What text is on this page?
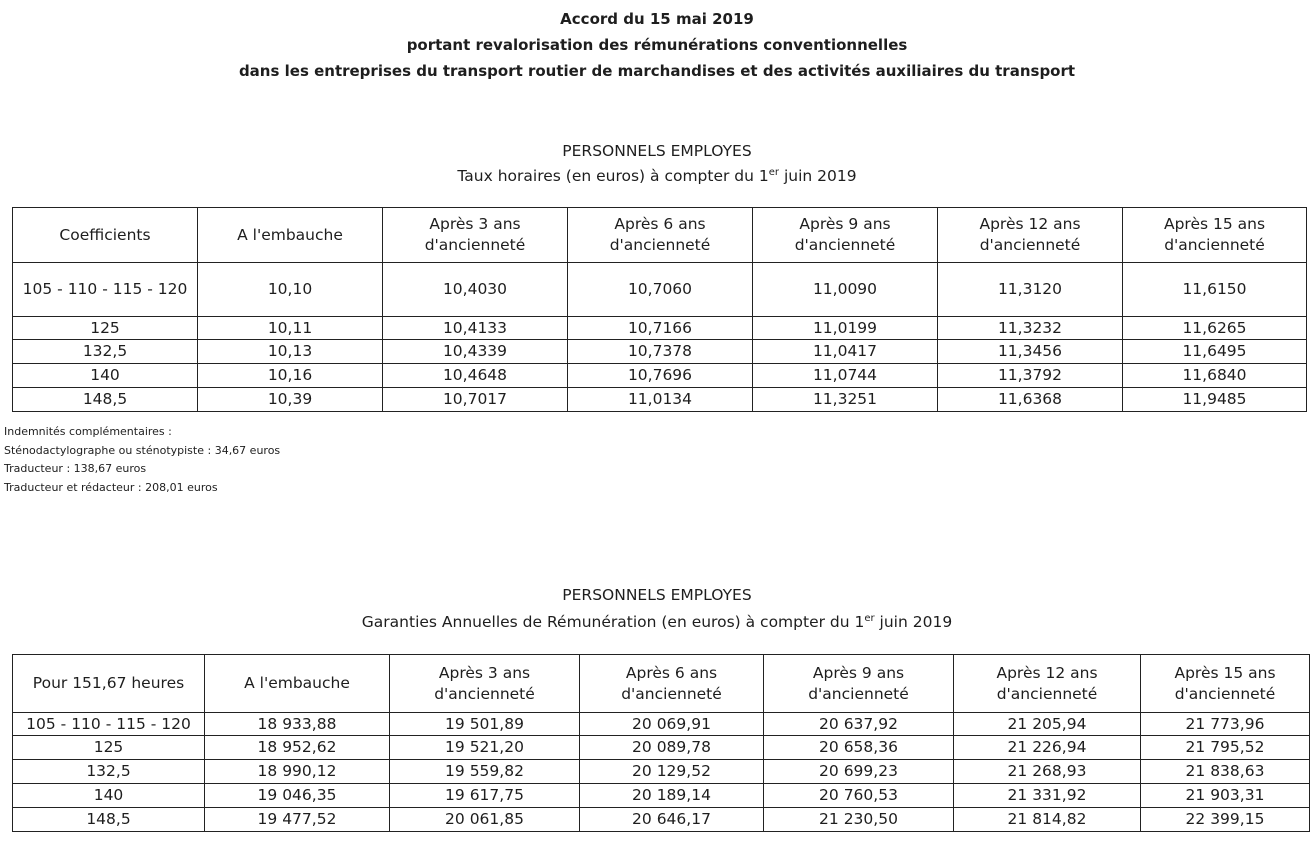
Accord du 15 mai 2019
portant revalorisation des rémunérations conventionnelles
dans les entreprises du transport routier de marchandises et des activités auxiliaires du transport
PERSONNELS EMPLOYES
Taux horaires (en euros) à compter du 1er juin 2019
Coefficients	A l'embauche	Après 3 ans d'ancienneté	Après 6 ans d'ancienneté	Après 9 ans d'ancienneté	Après 12 ans d'ancienneté	Après 15 ans d'ancienneté
105 - 110 - 115 - 120	10,10	10,4030	10,7060	11,0090	11,3120	11,6150
125	10,11	10,4133	10,7166	11,0199	11,3232	11,6265
132,5	10,13	10,4339	10,7378	11,0417	11,3456	11,6495
140	10,16	10,4648	10,7696	11,0744	11,3792	11,6840
148,5	10,39	10,7017	11,0134	11,3251	11,6368	11,9485
Indemnités complémentaires :
Sténodactylographe ou sténotypiste : 34,67 euros
Traducteur : 138,67 euros
Traducteur et rédacteur : 208,01 euros
PERSONNELS EMPLOYES
Garanties Annuelles de Rémunération (en euros) à compter du 1er juin 2019
Pour 151,67 heures	A l'embauche	Après 3 ans d'ancienneté	Après 6 ans d'ancienneté	Après 9 ans d'ancienneté	Après 12 ans d'ancienneté	Après 15 ans d'ancienneté
105 - 110 - 115 - 120	18 933,88	19 501,89	20 069,91	20 637,92	21 205,94	21 773,96
125	18 952,62	19 521,20	20 089,78	20 658,36	21 226,94	21 795,52
132,5	18 990,12	19 559,82	20 129,52	20 699,23	21 268,93	21 838,63
140	19 046,35	19 617,75	20 189,14	20 760,53	21 331,92	21 903,31
148,5	19 477,52	20 061,85	20 646,17	21 230,50	21 814,82	22 399,15
